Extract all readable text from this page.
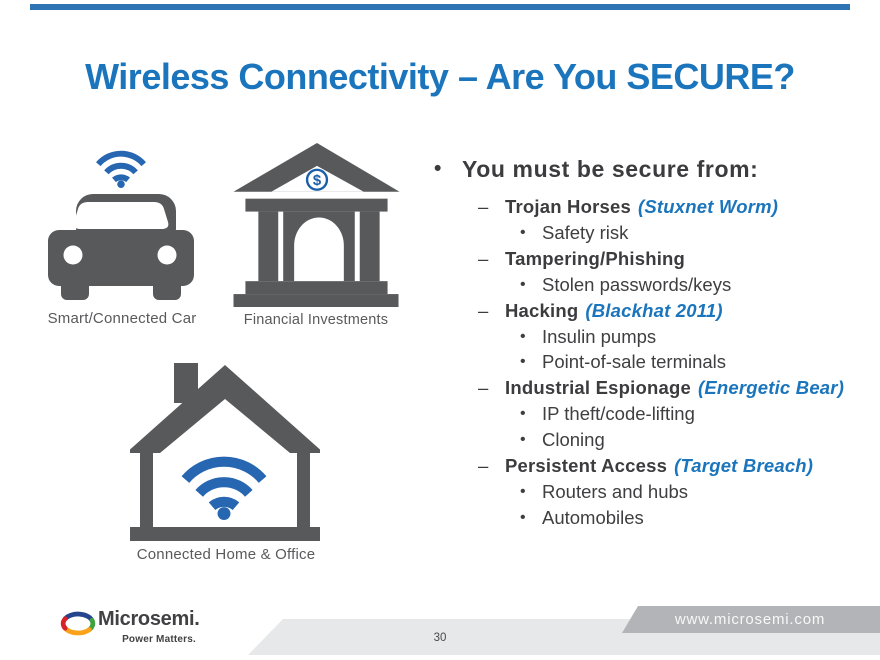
Wireless Connectivity – Are You SECURE?
Smart/Connected Car
$
Financial Investments
Connected Home & Office
• You must be secure from:
– Trojan Horses (Stuxnet Worm)
• Safety risk
– Tampering/Phishing
• Stolen passwords/keys
– Hacking (Blackhat 2011)
• Insulin pumps
• Point-of-sale terminals
– Industrial Espionage (Energetic Bear)
• IP theft/code-lifting
• Cloning
– Persistent Access (Target Breach)
• Routers and hubs
• Automobiles
www.microsemi.com
30
Microsemi.
Power Matters.
